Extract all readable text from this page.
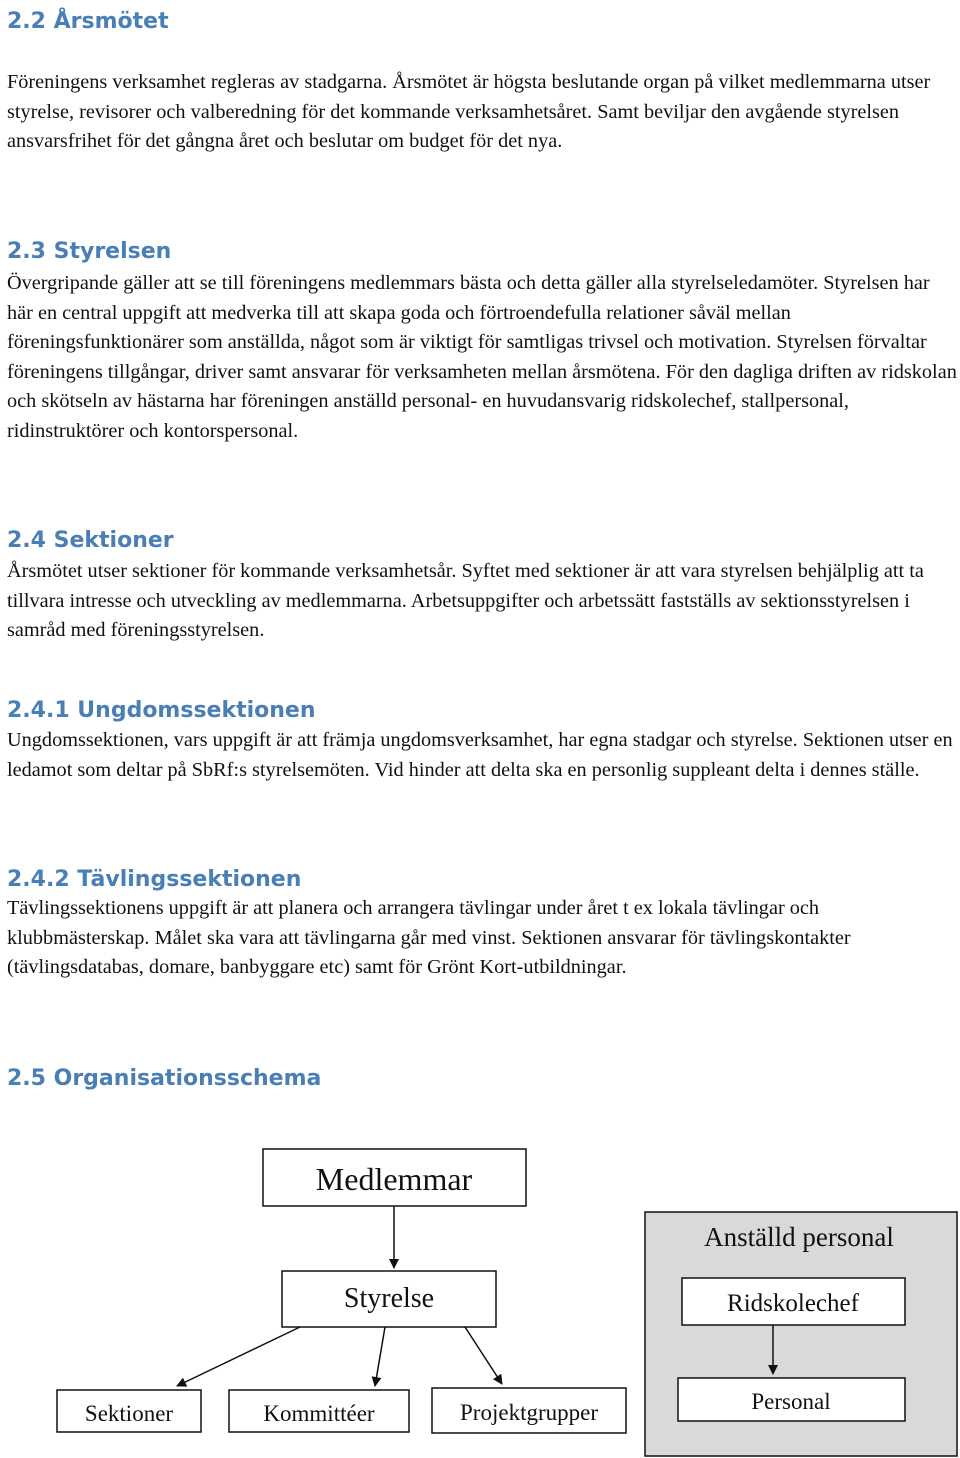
2.2 Årsmötet

Föreningens verksamhet regleras av stadgarna. Årsmötet är högsta beslutande organ på vilket medlemmarna utser styrelse, revisorer och valberedning för det kommande verksamhetsåret. Samt beviljar den avgående styrelsen ansvarsfrihet för det gångna året och beslutar om budget för det nya.

2.3 Styrelsen

Övergripande gäller att se till föreningens medlemmars bästa och detta gäller alla styrelseledamöter. Styrelsen har här en central uppgift att medverka till att skapa goda och förtroendefulla relationer såväl mellan föreningsfunktionärer som anställda, något som är viktigt för samtligas trivsel och motivation. Styrelsen förvaltar föreningens tillgångar, driver samt ansvarar för verksamheten mellan årsmötena. För den dagliga driften av ridskolan och skötseln av hästarna har föreningen anställd personal- en huvudansvarig ridskolechef, stallpersonal, ridinstruktörer och kontorspersonal.

2.4 Sektioner

Årsmötet utser sektioner för kommande verksamhetsår. Syftet med sektioner är att vara styrelsen behjälplig att ta tillvara intresse och utveckling av medlemmarna. Arbetsuppgifter och arbetssätt fastställs av sektionsstyrelsen i samråd med föreningsstyrelsen.

2.4.1 Ungdomssektionen

Ungdomssektionen, vars uppgift är att främja ungdomsverksamhet, har egna stadgar och styrelse. Sektionen utser en ledamot som deltar på SbRf:s styrelsemöten. Vid hinder att delta ska en personlig suppleant delta i dennes ställe.

2.4.2 Tävlingssektionen

Tävlingssektionens uppgift är att planera och arrangera tävlingar under året t ex lokala tävlingar och klubbmästerskap. Målet ska vara att tävlingarna går med vinst. Sektionen ansvarar för tävlingskontakter (tävlingsdatabas, domare, banbyggare etc) samt för Grönt Kort-utbildningar.

2.5 Organisationsschema
Anställd personal
Medlemmar
Styrelse
Sektioner	Kommittéer	Projektgrupper
Ridskolechef
Personal
